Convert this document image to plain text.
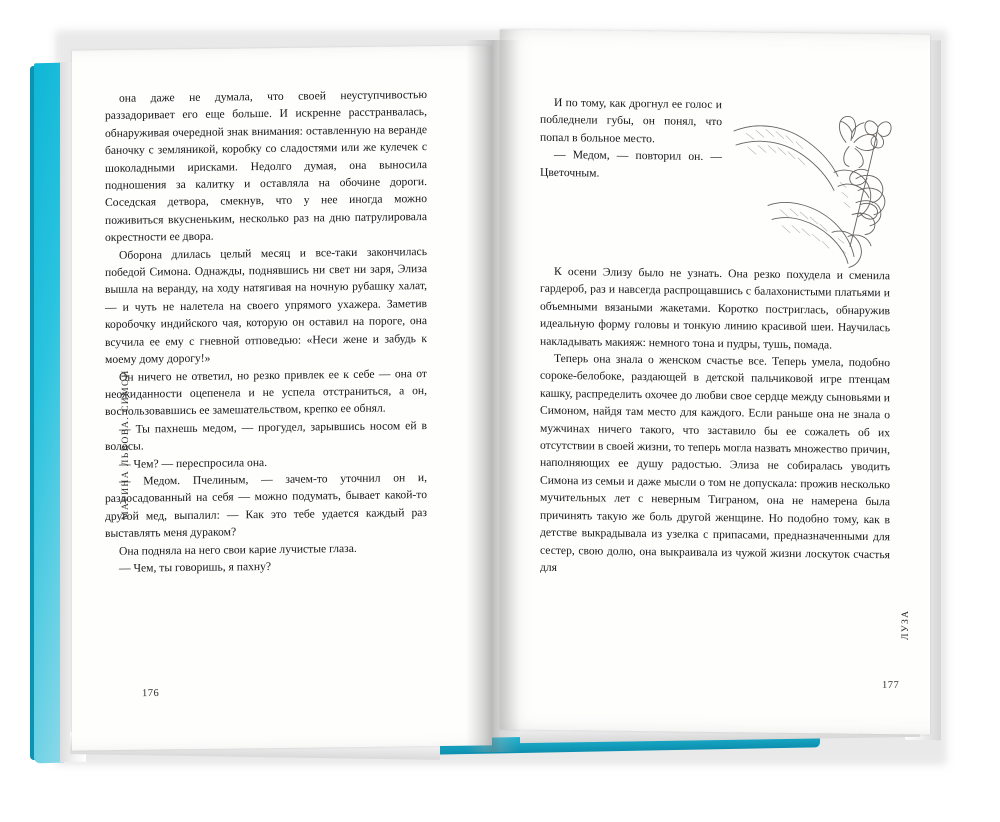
она даже не думала, что своей неуступчивостью раззадоривает его еще больше. И искренне расстранвалась, обнаруживая очередной знак внимания: оставленную на веранде баночку с земляникой, коробку со сладостями или же кулечек с шоколадными ирисками. Недолго думая, она выносила подношения за калитку и оставляла на обочине дороги. Соседская детвора, смекнув, что у нее иногда можно поживиться вкусненьким, несколько раз на дню патрулировала окрестности ее двора.

Оборона длилась целый месяц и все-таки закончилась победой Симона. Однажды, поднявшись ни свет ни заря, Элиза вышла на веранду, на ходу натягивая на ночную рубашку халат, — и чуть не налетела на своего упрямого ухажера. Заметив коробочку индийского чая, которую он оставил на пороге, она всучила ее ему с гневной отповедью: «Неси жене и забудь к моему дому дорогу!»

Он ничего не ответил, но резко привлек ее к себе — она от неожиданности оцепенела и не успела отстраниться, а он, воспользовавшись ее замешательством, крепко ее обнял.

— Ты пахнешь медом, — прогудел, зарывшись носом ей в волосы.

— Чем? — переспросила она.

— Медом. Пчелиным, — зачем-то уточнил он и, раздосадованный на себя — можно подумать, бывает какой-то другой мед, выпалил: — Как это тебе удается каждый раз выставлять меня дураком?

Она подняла на него свои карие лучистые глаза.

— Чем, ты говоришь, я пахну?

176
МАРИНА ЛЬВОВА. СИМОН

И по тому, как дрогнул ее голос и побледнели губы, он понял, что попал в больное место.

— Медом, — повторил он. — Цветочным.

К осени Элизу было не узнать. Она резко похудела и сменила гардероб, раз и навсегда распрощавшись с балахонистыми платьями и объемными вязаными жакетами. Коротко постриглась, обнаружив идеальную форму головы и тонкую линию красивой шеи. Научилась накладывать макияж: немного тона и пудры, тушь, помада.

Теперь она знала о женском счастье все. Теперь умела, подобно сороке-белобоке, раздающей в детской пальчиковой игре птенцам кашку, распределить охочее до любви свое сердце между сыновьями и Симоном, найдя там место для каждого. Если раньше она не знала о мужчинах ничего такого, что заставило бы ее сожалеть об их отсутствии в своей жизни, то теперь могла назвать множество причин, наполняющих ее душу радостью. Элиза не собиралась уводить Симона из семьи и даже мысли о том не допускала: прожив несколько мучительных лет с неверным Тиграном, она не намерена была причинять такую же боль другой женщине. Но подобно тому, как в детстве выкрадывала из узелка с припасами, предназначенными для сестер, свою долю, она выкраивала из чужой жизни лоскуток счастья для

177
ЛУЗА
